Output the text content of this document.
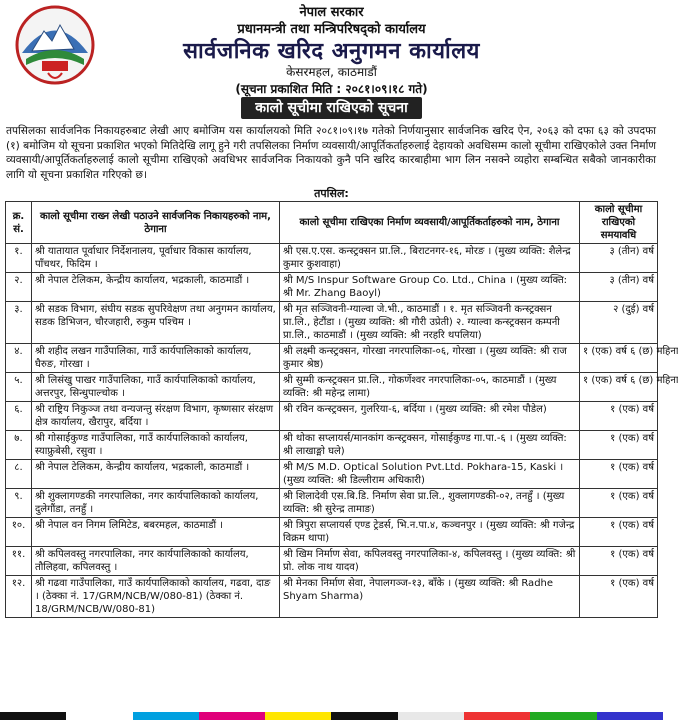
नेपाल सरकार
प्रधानमन्त्री तथा मन्त्रिपरिषद्को कार्यालय
सार्वजनिक खरिद अनुगमन कार्यालय
केसरमहल, काठमाडौं
(सूचना प्रकाशित मिति : २०८१।०९।१८ गते)
कालो सूचीमा राखिएको सूचना
तपसिलका सार्वजनिक निकायहरुबाट लेखी आए बमोजिम यस कार्यालयको मिति २०८१।०९।१७ गतेको निर्णयानुसार सार्वजनिक खरिद ऐन, २०६३ को दफा ६३ को उपदफा (१) बमोजिम यो सूचना प्रकाशित भएको मितिदेखि लागू हुने गरी तपसिलका निर्माण व्यवसायी/आपूर्तिकर्ताहरुलाई देहायको अवधिसम्म कालो सूचीमा राखिएकोले उक्त निर्माण व्यवसायी/आपूर्तिकर्ताहरुलाई कालो सूचीमा राखिएको अवधिभर सार्वजनिक निकायको कुनै पनि खरिद कारबाहीमा भाग लिन नसक्ने व्यहोरा सम्बन्धित सबैको जानकारीका लागि यो सूचना प्रकाशित गरिएको छ।
तपसिल:
क्र. सं.	कालो सूचीमा राख्न लेखी पठाउने सार्वजनिक निकायहरुको नाम, ठेगाना	कालो सूचीमा राखिएका निर्माण व्यवसायी/आपूर्तिकर्ताहरुको नाम, ठेगाना	कालो सूचीमा राखिएको समयावधि
१.	श्री यातायात पूर्वाधार निर्देशनालय, पूर्वाधार विकास कार्यालय, पाँचथर, फिदिम ।	श्री एस.ए.एस. कन्स्ट्रक्सन प्रा.लि., बिराटनगर-१६, मोरङ । (मुख्य व्यक्ति: शैलेन्द्र कुमार कुशवाहा)	३ (तीन) वर्ष
२.	श्री नेपाल टेलिकम, केन्द्रीय कार्यालय, भद्रकाली, काठमाडौं ।	श्री M/S Inspur Software Group Co. Ltd., China । (मुख्य व्यक्ति: श्री Mr. Zhang Baoyl)	३ (तीन) वर्ष
३.	श्री सडक विभाग, संघीय सडक सुपरिवेक्षण तथा अनुगमन कार्यालय, सडक डिभिजन, चौरजहारी, रुकुम पश्चिम ।	श्री मृत सञ्जिवनी-ग्याल्वा जे.भी., काठमाडौं । १. मृत सञ्जिवनी कन्स्ट्रक्सन प्रा.लि., हेटौंडा । (मुख्य व्यक्ति: श्री गौरी उप्रेती) २. ग्याल्वा कन्स्ट्रक्सन कम्पनी प्रा.लि., काठमाडौं । (मुख्य व्यक्ति: श्री नरहरि थपलिया)	२ (दुई) वर्ष
४.	श्री शहीद लखन गाउँपालिका, गाउँ कार्यपालिकाको कार्यालय, घैरुङ, गोरखा ।	श्री लक्ष्मी कन्स्ट्रक्सन, गोरखा नगरपालिका-०६, गोरखा । (मुख्य व्यक्ति: श्री राज कुमार श्रेष्ठ)	१ (एक) वर्ष ६ (छ) महिना
५.	श्री लिसंखु पाखर गाउँपालिका, गाउँ कार्यपालिकाको कार्यालय, अत्तरपुर, सिन्धुपाल्चोक ।	श्री सुम्मी कन्स्ट्रक्सन प्रा.लि., गोकर्णेश्वर नगरपालिका-०५, काठमाडौं । (मुख्य व्यक्ति: श्री महेन्द्र लामा)	१ (एक) वर्ष ६ (छ) महिना
६.	श्री राष्ट्रिय निकुञ्ज तथा वन्यजन्तु संरक्षण विभाग, कृष्णसार संरक्षण क्षेत्र कार्यालय, खैरापुर, बर्दिया ।	श्री रविन कन्स्ट्रक्सन, गुलरिया-६, बर्दिया । (मुख्य व्यक्ति: श्री रमेश पौडेल)	१ (एक) वर्ष
७.	श्री गोसाईकुण्ड गाउँपालिका, गाउँ कार्यपालिकाको कार्यालय, स्याफ्रुबेसी, रसुवा ।	श्री थोका सप्लायर्स/मानकांग कन्स्ट्रक्सन, गोसाईकुण्ड गा.पा.-६ । (मुख्य व्यक्ति: श्री लाखाङ्मो घले)	१ (एक) वर्ष
८.	श्री नेपाल टेलिकम, केन्द्रीय कार्यालय, भद्रकाली, काठमाडौं ।	श्री M/S M.D. Optical Solution Pvt.Ltd. Pokhara-15, Kaski । (मुख्य व्यक्ति: श्री डिल्लीराम अधिकारी)	१ (एक) वर्ष
९.	श्री शुक्लागण्डकी नगरपालिका, नगर कार्यपालिकाको कार्यालय, दुलेगौंडा, तनहुँ ।	श्री शिलादेवी एस.बि.डि. निर्माण सेवा प्रा.लि., शुक्लागण्डकी-०२, तनहुँ । (मुख्य व्यक्ति: श्री सुरेन्द्र तामाङ)	१ (एक) वर्ष
१०.	श्री नेपाल वन निगम लिमिटेड, बबरमहल, काठमाडौं ।	श्री त्रिपुरा सप्लायर्स एण्ड ट्रेडर्स, भि.न.पा.४, कञ्चनपुर । (मुख्य व्यक्ति: श्री गजेन्द्र विक्रम थापा)	१ (एक) वर्ष
११.	श्री कपिलवस्तु नगरपालिका, नगर कार्यपालिकाको कार्यालय, तौलिहवा, कपिलवस्तु ।	श्री खिम निर्माण सेवा, कपिलवस्तु नगरपालिका-४, कपिलवस्तु । (मुख्य व्यक्ति: श्री प्रो. लोक नाथ यादव)	१ (एक) वर्ष
१२.	श्री गढवा गाउँपालिका, गाउँ कार्यपालिकाको कार्यालय, गढवा, दाङ । (ठेक्का नं. 17/GRM/NCB/W/080-81) (ठेक्का नं. 18/GRM/NCB/W/080-81)	श्री मेनका निर्माण सेवा, नेपालगञ्ज-१३, बाँके । (मुख्य व्यक्ति: श्री Radhe Shyam Sharma)	१ (एक) वर्ष
